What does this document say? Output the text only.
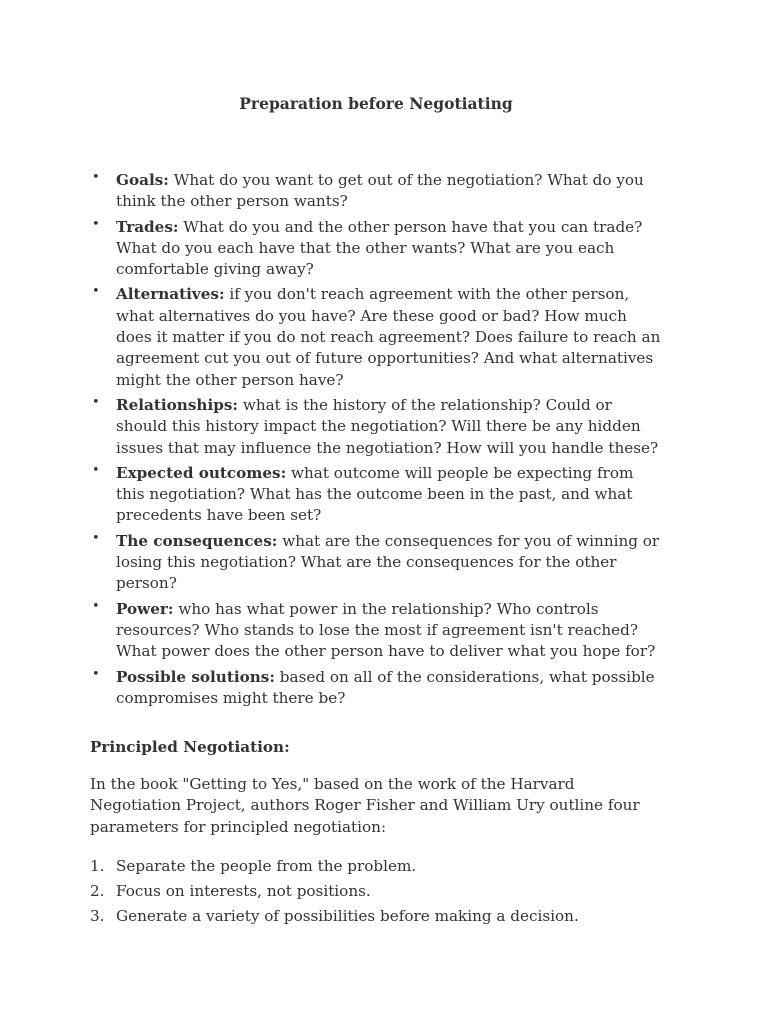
Preparation before Negotiating
• Goals: What do you want to get out of the negotiation? What do you think the other person wants?
• Trades: What do you and the other person have that you can trade? What do you each have that the other wants? What are you each comfortable giving away?
• Alternatives: if you don't reach agreement with the other person, what alternatives do you have? Are these good or bad? How much does it matter if you do not reach agreement? Does failure to reach an agreement cut you out of future opportunities? And what alternatives might the other person have?
• Relationships: what is the history of the relationship? Could or should this history impact the negotiation? Will there be any hidden issues that may influence the negotiation? How will you handle these?
• Expected outcomes: what outcome will people be expecting from this negotiation? What has the outcome been in the past, and what precedents have been set?
• The consequences: what are the consequences for you of winning or losing this negotiation? What are the consequences for the other person?
• Power: who has what power in the relationship? Who controls resources? Who stands to lose the most if agreement isn't reached? What power does the other person have to deliver what you hope for?
• Possible solutions: based on all of the considerations, what possible compromises might there be?
Principled Negotiation:

In the book "Getting to Yes," based on the work of the Harvard Negotiation Project, authors Roger Fisher and William Ury outline four parameters for principled negotiation:

1. Separate the people from the problem.
2. Focus on interests, not positions.
3. Generate a variety of possibilities before making a decision.
